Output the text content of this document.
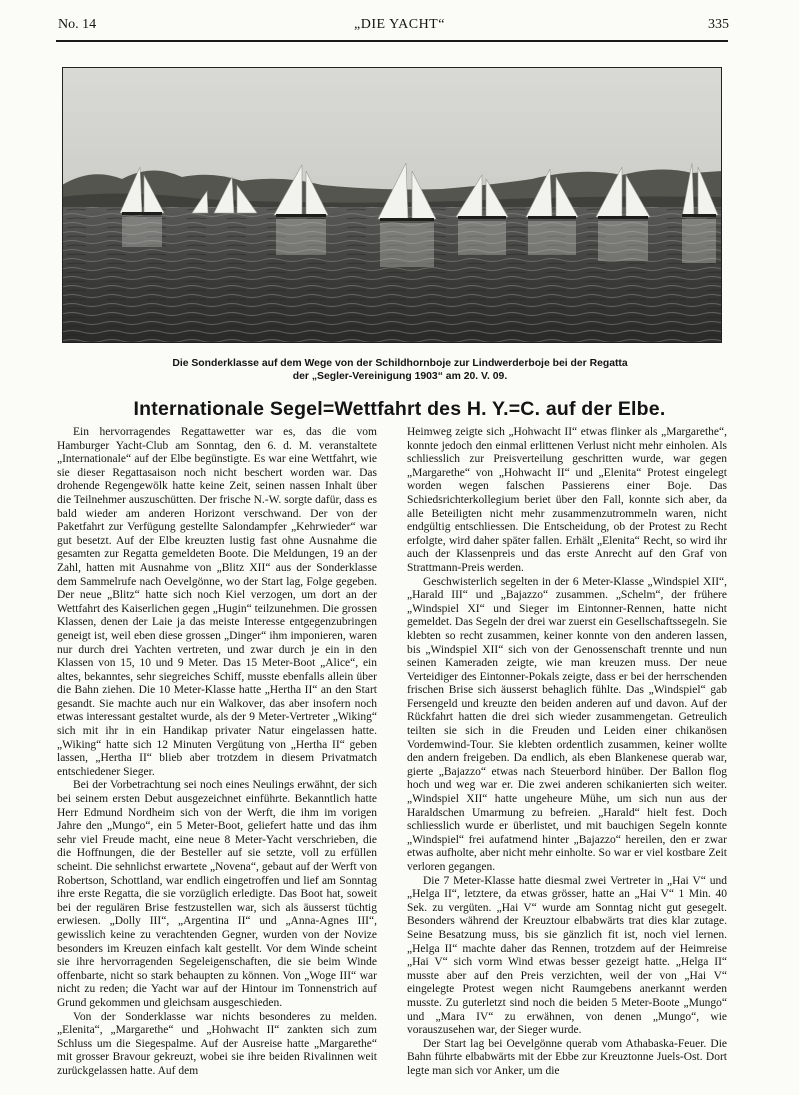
No. 14	„DIE YACHT“	335
Die Sonderklasse auf dem Wege von der Schildhornboje zur Lindwerderboje bei der Regatta
der „Segler-Vereinigung 1903“ am 20. V. 09.
Internationale Segel=Wettfahrt des H. Y.=C. auf der Elbe.

Ein hervorragendes Regattawetter war es, das die vom Hamburger Yacht-Club am Sonntag, den 6. d. M. veranstaltete „Internationale“ auf der Elbe begünstigte. Es war eine Wettfahrt, wie sie dieser Regattasaison noch nicht beschert worden war. Das drohende Regengewölk hatte keine Zeit, seinen nassen Inhalt über die Teilnehmer auszuschütten. Der frische N.-W. sorgte dafür, dass es bald wieder am anderen Horizont verschwand. Der von der Paketfahrt zur Verfügung gestellte Salondampfer „Kehrwieder“ war gut besetzt. Auf der Elbe kreuzten lustig fast ohne Ausnahme die gesamten zur Regatta gemeldeten Boote. Die Meldungen, 19 an der Zahl, hatten mit Ausnahme von „Blitz XII“ aus der Sonderklasse dem Sammelrufe nach Oevelgönne, wo der Start lag, Folge gegeben. Der neue „Blitz“ hatte sich noch Kiel verzogen, um dort an der Wettfahrt des Kaiserlichen gegen „Hugin“ teilzunehmen. Die grossen Klassen, denen der Laie ja das meiste Interesse entgegenzubringen geneigt ist, weil eben diese grossen „Dinger“ ihm imponieren, waren nur durch drei Yachten vertreten, und zwar durch je ein in den Klassen von 15, 10 und 9 Meter. Das 15 Meter-Boot „Alice“, ein altes, bekanntes, sehr siegreiches Schiff, musste ebenfalls allein über die Bahn ziehen. Die 10 Meter-Klasse hatte „Hertha II“ an den Start gesandt. Sie machte auch nur ein Walkover, das aber insofern noch etwas interessant gestaltet wurde, als der 9 Meter-Vertreter „Wiking“ sich mit ihr in ein Handikap privater Natur eingelassen hatte. „Wiking“ hatte sich 12 Minuten Vergütung von „Hertha II“ geben lassen, „Hertha II“ blieb aber trotzdem in diesem Privatmatch entschiedener Sieger.

Bei der Vorbetrachtung sei noch eines Neulings erwähnt, der sich bei seinem ersten Debut ausgezeichnet einführte. Bekanntlich hatte Herr Edmund Nordheim sich von der Werft, die ihm im vorigen Jahre den „Mungo“, ein 5 Meter-Boot, geliefert hatte und das ihm sehr viel Freude macht, eine neue 8 Meter-Yacht verschrieben, die die Hoffnungen, die der Besteller auf sie setzte, voll zu erfüllen scheint. Die sehnlichst erwartete „Novena“, gebaut auf der Werft von Robertson, Schottland, war endlich eingetroffen und lief am Sonntag ihre erste Regatta, die sie vorzüglich erledigte. Das Boot hat, soweit bei der regulären Brise festzustellen war, sich als äusserst tüchtig erwiesen. „Dolly III“, „Argentina II“ und „Anna-Agnes III“, gewisslich keine zu verachtenden Gegner, wurden von der Novize besonders im Kreuzen einfach kalt gestellt. Vor dem Winde scheint sie ihre hervorragenden Segeleigenschaften, die sie beim Winde offenbarte, nicht so stark behaupten zu können. Von „Woge III“ war nicht zu reden; die Yacht war auf der Hintour im Tonnenstrich auf Grund gekommen und gleichsam ausgeschieden.

Von der Sonderklasse war nichts besonderes zu melden. „Elenita“, „Margarethe“ und „Hohwacht II“ zankten sich zum Schluss um die Siegespalme. Auf der Ausreise hatte „Margarethe“ mit grosser Bravour gekreuzt, wobei sie ihre beiden Rivalinnen weit zurückgelassen hatte. Auf dem

Heimweg zeigte sich „Hohwacht II“ etwas flinker als „Margarethe“, konnte jedoch den einmal erlittenen Verlust nicht mehr einholen. Als schliesslich zur Preisverteilung geschritten wurde, war gegen „Margarethe“ von „Hohwacht II“ und „Elenita“ Protest eingelegt worden wegen falschen Passierens einer Boje. Das Schiedsrichterkollegium beriet über den Fall, konnte sich aber, da alle Beteiligten nicht mehr zusammenzutrommeln waren, nicht endgültig entschliessen. Die Entscheidung, ob der Protest zu Recht erfolgte, wird daher später fallen. Erhält „Elenita“ Recht, so wird ihr auch der Klassenpreis und das erste Anrecht auf den Graf von Strattmann-Preis werden.

Geschwisterlich segelten in der 6 Meter-Klasse „Windspiel XII“, „Harald III“ und „Bajazzo“ zusammen. „Schelm“, der frühere „Windspiel XI“ und Sieger im Eintonner-Rennen, hatte nicht gemeldet. Das Segeln der drei war zuerst ein Gesellschaftssegeln. Sie klebten so recht zusammen, keiner konnte von den anderen lassen, bis „Windspiel XII“ sich von der Genossenschaft trennte und nun seinen Kameraden zeigte, wie man kreuzen muss. Der neue Verteidiger des Eintonner-Pokals zeigte, dass er bei der herrschenden frischen Brise sich äusserst behaglich fühlte. Das „Windspiel“ gab Fersengeld und kreuzte den beiden anderen auf und davon. Auf der Rückfahrt hatten die drei sich wieder zusammengetan. Getreulich teilten sie sich in die Freuden und Leiden einer chikanösen Vordemwind-Tour. Sie klebten ordentlich zusammen, keiner wollte den andern freigeben. Da endlich, als eben Blankenese querab war, gierte „Bajazzo“ etwas nach Steuerbord hinüber. Der Ballon flog hoch und weg war er. Die zwei anderen schikanierten sich weiter. „Windspiel XII“ hatte ungeheure Mühe, um sich nun aus der Haraldschen Umarmung zu befreien. „Harald“ hielt fest. Doch schliesslich wurde er überlistet, und mit bauchigen Segeln konnte „Windspiel“ frei aufatmend hinter „Bajazzo“ hereilen, den er zwar etwas aufholte, aber nicht mehr einholte. So war er viel kostbare Zeit verloren gegangen.

Die 7 Meter-Klasse hatte diesmal zwei Vertreter in „Hai V“ und „Helga II“, letztere, da etwas grösser, hatte an „Hai V“ 1 Min. 40 Sek. zu vergüten. „Hai V“ wurde am Sonntag nicht gut gesegelt. Besonders während der Kreuztour elbabwärts trat dies klar zutage. Seine Besatzung muss, bis sie gänzlich fit ist, noch viel lernen. „Helga II“ machte daher das Rennen, trotzdem auf der Heimreise „Hai V“ sich vorm Wind etwas besser gezeigt hatte. „Helga II“ musste aber auf den Preis verzichten, weil der von „Hai V“ eingelegte Protest wegen nicht Raumgebens anerkannt werden musste. Zu guterletzt sind noch die beiden 5 Meter-Boote „Mungo“ und „Mara IV“ zu erwähnen, von denen „Mungo“, wie vorauszusehen war, der Sieger wurde.

Der Start lag bei Oevelgönne querab vom Athabaska-Feuer. Die Bahn führte elbabwärts mit der Ebbe zur Kreuztonne Juels-Ost. Dort legte man sich vor Anker, um die
